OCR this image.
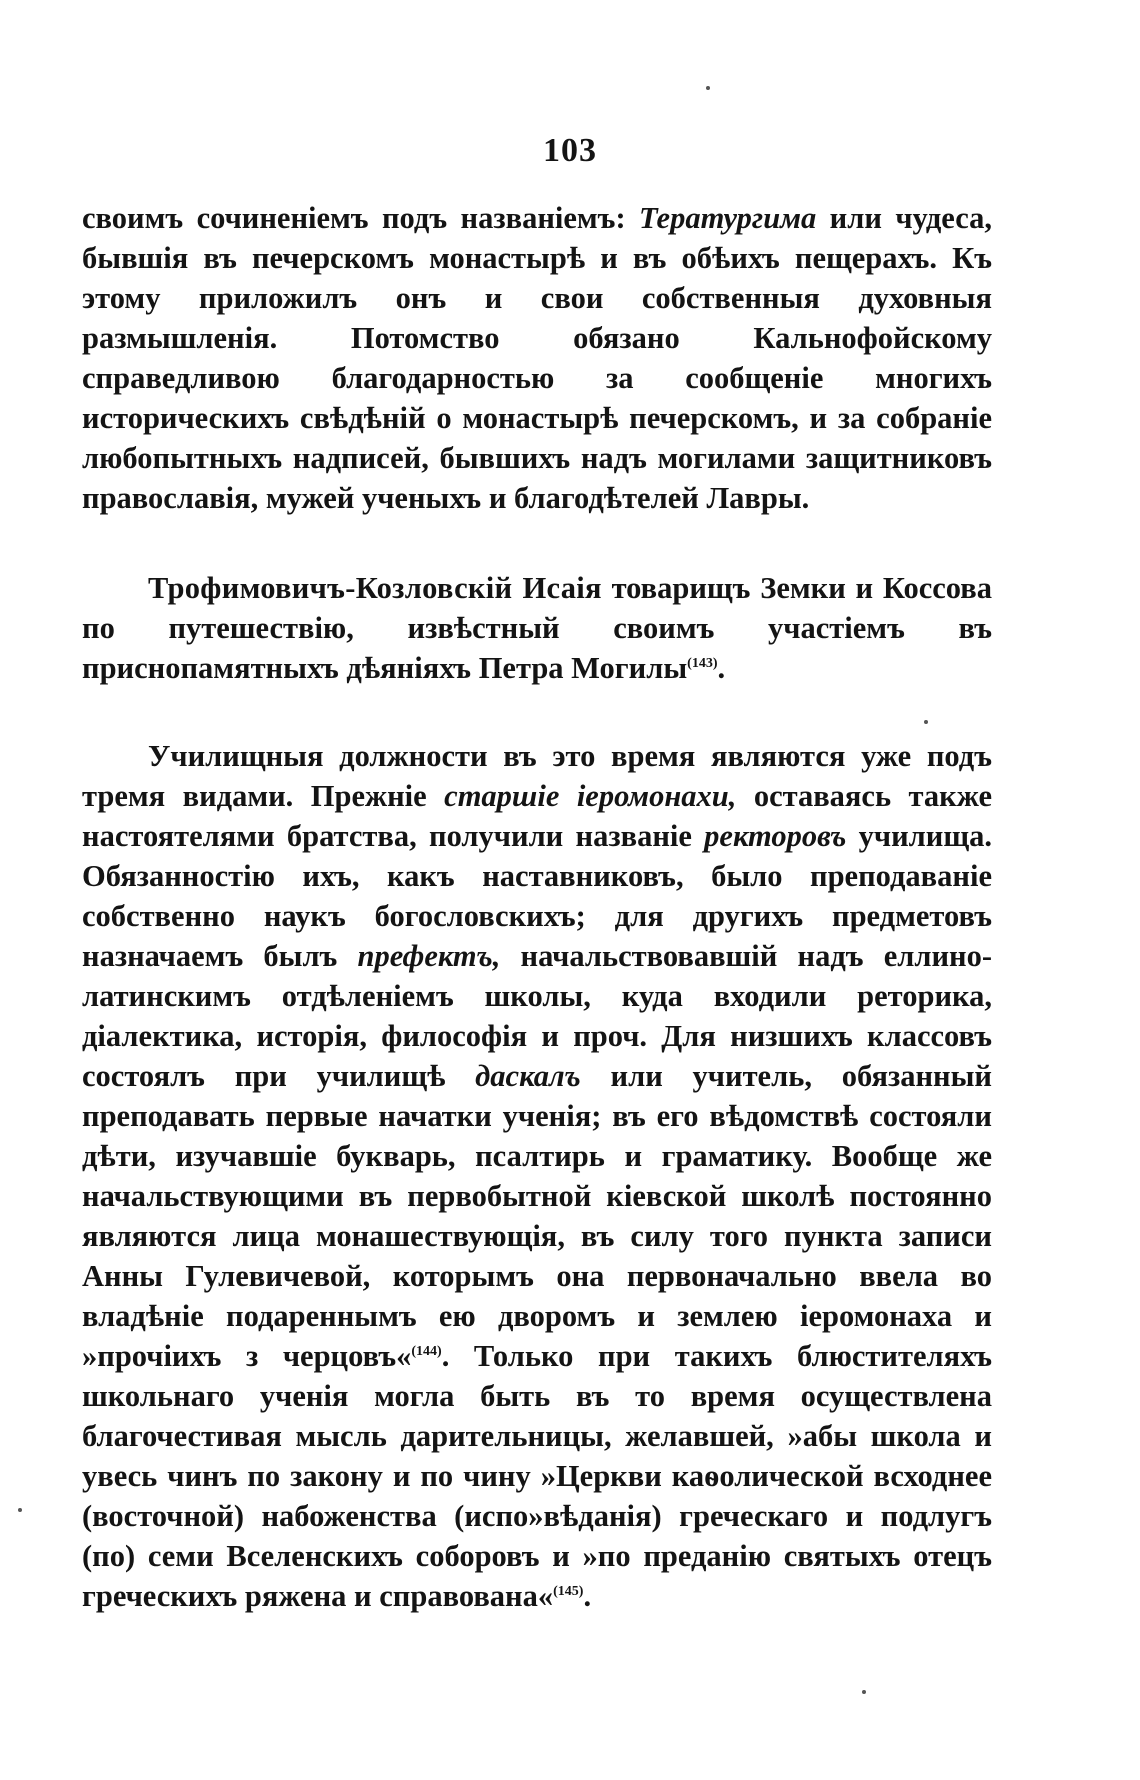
103
своимъ сочиненіемъ подъ названіемъ: Тератургима или чудеса, бывшія въ печерскомъ монастырѣ и въ обѣихъ пещерахъ. Къ этому приложилъ онъ и свои собственныя духовныя размышленія. Потомство обязано Кальнофойскому справедливою благодарностью за сообщеніе многихъ историческихъ свѣдѣній о монастырѣ печерскомъ, и за собраніе любопытныхъ надписей, бывшихъ надъ могилами защитниковъ православія, мужей ученыхъ и благодѣтелей Лавры.
Трофимовичъ-Козловскій Исаія товарищъ Земки и Коссова по путешествію, извѣстный своимъ участіемъ въ приснопамятныхъ дѣяніяхъ Петра Могилы$^{(143)}$.
Училищныя должности въ это время являются уже подъ тремя видами. Прежніе старшіе іеромонахи, оставаясь также настоятелями братства, получили названіе ректоровъ училища. Обязанностію ихъ, какъ наставниковъ, было преподаваніе собственно наукъ богословскихъ; для другихъ предметовъ назначаемъ былъ префектъ, начальствовавшій надъ еллино-латинскимъ отдѣленіемъ школы, куда входили реторика, діалектика, исторія, философія и проч. Для низшихъ классовъ состоялъ при училищѣ даскалъ или учитель, обязанный преподавать первые начатки ученія; въ его вѣдомствѣ состояли дѣти, изучавшіе букварь, псалтирь и граматику. Вообще же начальствующими въ первобытной кіевской школѣ постоянно являются лица монашествующія, въ силу того пункта записи Анны Гулевичевой, которымъ она первоначально ввела во владѣніе подареннымъ ею дворомъ и землею іеромонаха и »прочіихъ з черцовъ«$^{(144)}$. Только при такихъ блюстителяхъ школьнаго ученія могла быть въ то время осуществлена благочестивая мысль дарительницы, желавшей, »абы школа и увесь чинъ по закону и по чину »Церкви каѳолической всходнее (восточной) набоженства (испо»вѣданія) греческаго и подлугъ (по) семи Вселенскихъ соборовъ и »по преданію святыхъ отецъ греческихъ ряжена и справована«$^{(145)}$.
